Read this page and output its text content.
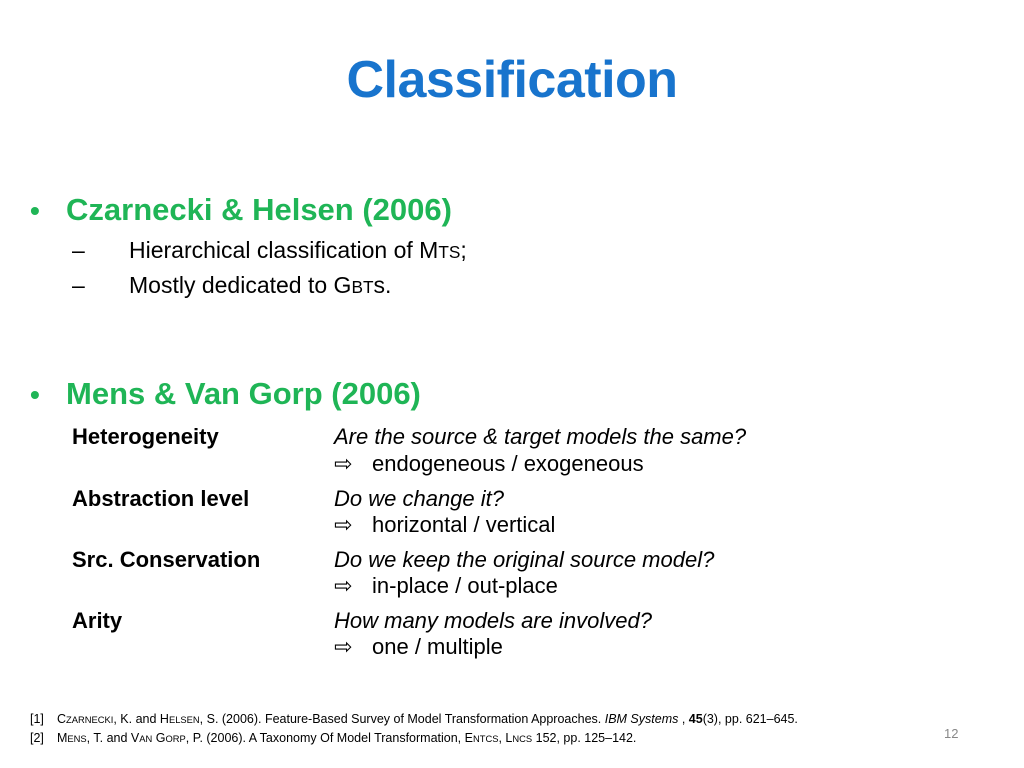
Classification
• Czarnecki & Helsen (2006)
– Hierarchical classification of MTS;
– Mostly dedicated to GBTs.
• Mens & Van Gorp (2006)
Heterogeneity	Are the source & target models the same?
⇨ endogeneous / exogeneous
Abstraction level	Do we change it?
⇨ horizontal / vertical
Src. Conservation	Do we keep the original source model?
⇨ in-place / out-place
Arity	How many models are involved?
⇨ one / multiple
[1] CZARNECKI, K. and HELSEN, S. (2006). Feature-Based Survey of Model Transformation Approaches. IBM Systems , 45(3), pp. 621–645.
[2] MENS, T. and VAN GORP, P. (2006). A Taxonomy Of Model Transformation, ENTCS, LNCS 152, pp. 125–142.	12
